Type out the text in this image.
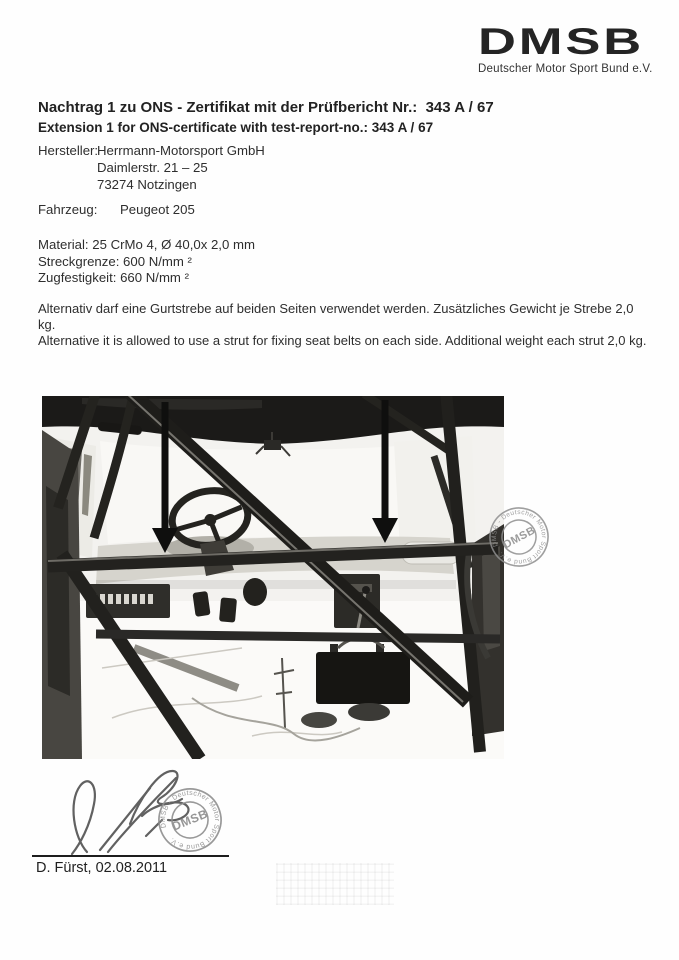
DMSB
Deutscher Motor Sport Bund e.V.
Nachtrag 1 zu ONS - Zertifikat mit der Prüfbericht Nr.:  343 A / 67
Extension 1 for ONS-certificate with test-report-no.: 343 A / 67
Hersteller:
Herrmann-Motorsport GmbH
Daimlerstr. 21 – 25
73274 Notzingen
Fahrzeug:	Peugeot 205
Material: 25 CrMo 4, Ø 40,0x 2,0 mm
Streckgrenze: 600 N/mm ²
Zugfestigkeit: 660 N/mm ²
Alternativ darf eine Gurtstrebe auf beiden Seiten verwendet werden. Zusätzliches Gewicht je Strebe 2,0 kg.
Alternative it is allowed to use a strut for fixing seat belts on each side. Additional weight each strut 2,0 kg.
DMSB - Deutscher Motor Sport Bund e.V.
DMSB
DMSB - Deutscher Motor Sport Bund e.V.
DMSB
D. Fürst, 02.08.2011
